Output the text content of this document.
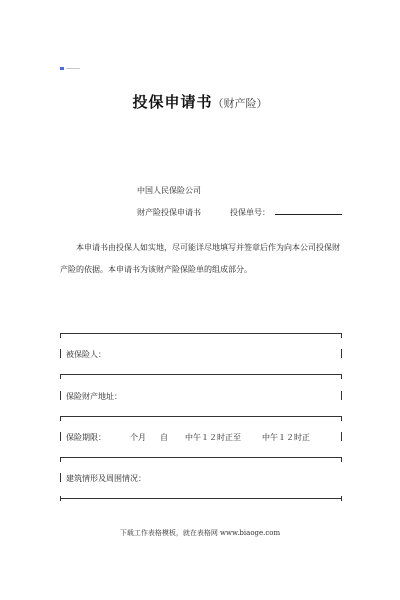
投保申请书（财产险）
中国人民保险公司
财产险投保申请书	投保单号：
本申请书由投保人如实地，尽可能详尽地填写并签章后作为向本公司投保财产险的依据。本申请书为该财产险保险单的组成部分。
被保险人：
保险财产地址：
保险期限：	个月 自 中午１２时正至	中午１２时正
建筑情形及周围情况：
下载工作表格模板，就在表格网 www.biaoge.com
